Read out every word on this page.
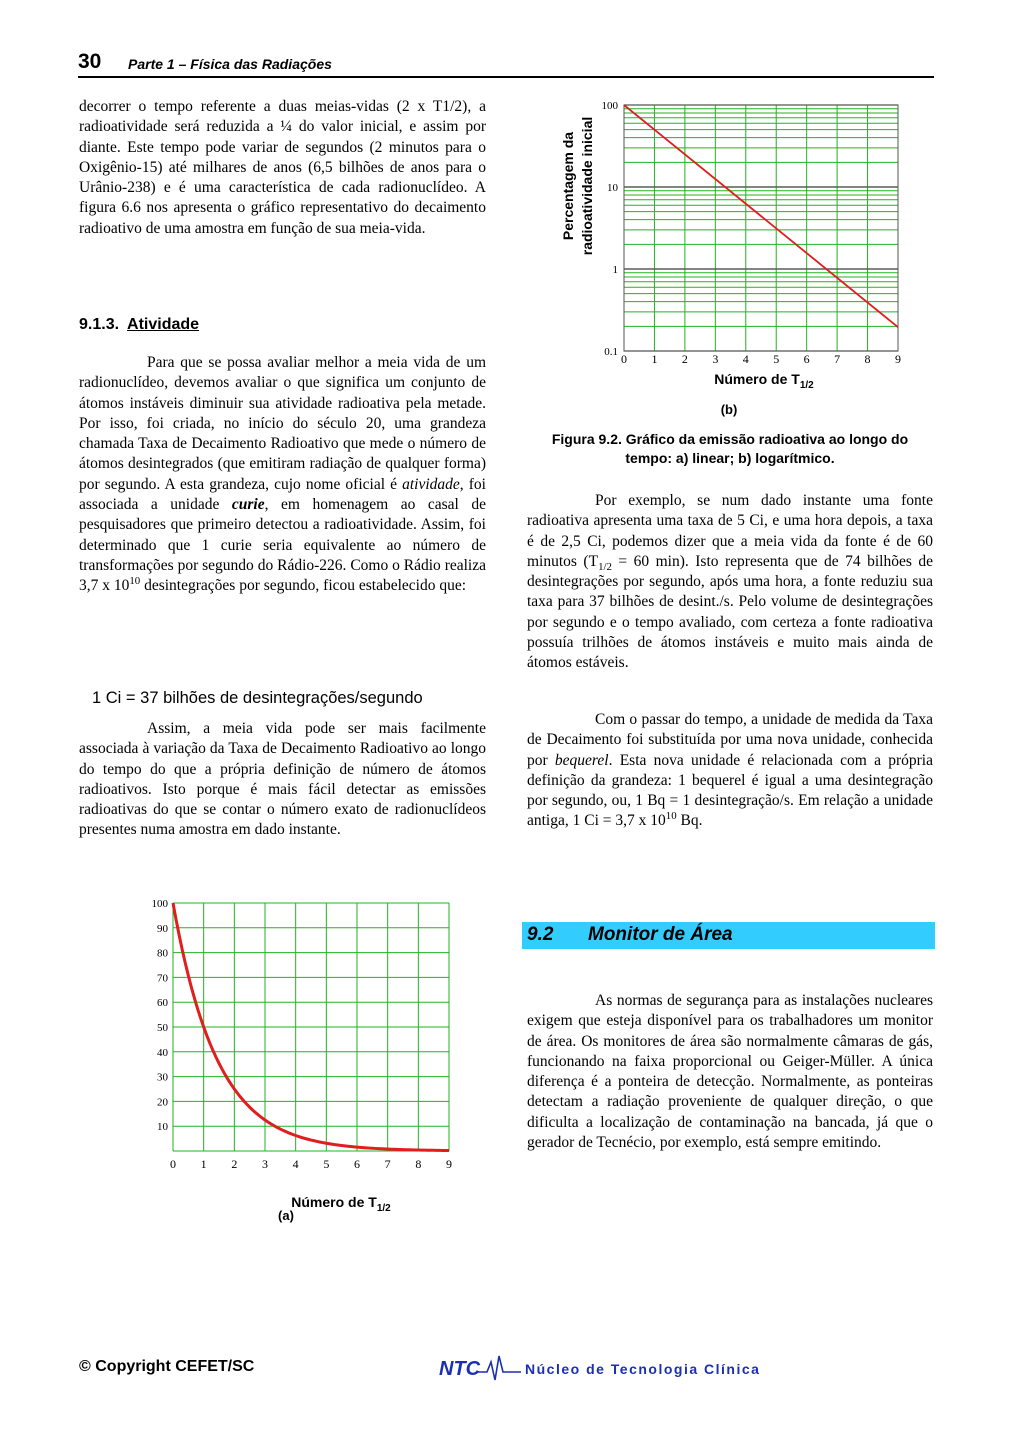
30 Parte 1 – Física das Radiações

decorrer o tempo referente a duas meias-vidas (2 x T1/2), a radioatividade será reduzida a ¼ do valor inicial, e assim por diante. Este tempo pode variar de segundos (2 minutos para o Oxigênio-15) até milhares de anos (6,5 bilhões de anos para o Urânio-238) e é uma característica de cada radionuclídeo. A figura 6.6 nos apresenta o gráfico representativo do decaimento radioativo de uma amostra em função de sua meia-vida.

9.1.3. Atividade

Para que se possa avaliar melhor a meia vida de um radionuclídeo, devemos avaliar o que significa um conjunto de átomos instáveis diminuir sua atividade radioativa pela metade. Por isso, foi criada, no início do século 20, uma grandeza chamada Taxa de Decaimento Radioativo que mede o número de átomos desintegrados (que emitiram radiação de qualquer forma) por segundo. A esta grandeza, cujo nome oficial é atividade, foi associada a unidade curie, em homenagem ao casal de pesquisadores que primeiro detectou a radioatividade. Assim, foi determinado que 1 curie seria equivalente ao número de transformações por segundo do Rádio-226. Como o Rádio realiza 3,7 x $10^{10}$ desintegrações por segundo, ficou estabelecido que:

1 Ci = 37 bilhões de desintegrações/segundo

Assim, a meia vida pode ser mais facilmente associada à variação da Taxa de Decaimento Radioativo ao longo do tempo do que a própria definição de número de átomos radioativos. Isto porque é mais fácil detectar as emissões radioativas do que se contar o número exato de radionuclídeos presentes numa amostra em dado instante.

10
20
30
40
50
60
70
80
90
100
0 1 2 3 4 5 6 7 8 9
Número de $T_{1/2}$
(a)
0.1
1
10
100
0 1 2 3 4 5 6 7 8 9
Número de $T_{1/2}$
(b)
Percentagem da radioatividade inicial
Figura 9.2. Gráfico da emissão radioativa ao longo do tempo: a) linear; b) logarítmico.

Por exemplo, se num dado instante uma fonte radioativa apresenta uma taxa de 5 Ci, e uma hora depois, a taxa é de 2,5 Ci, podemos dizer que a meia vida da fonte é de 60 minutos ($T_{1/2} = 60$ min). Isto representa que de 74 bilhões de desintegrações por segundo, após uma hora, a fonte reduziu sua taxa para 37 bilhões de desint./s. Pelo volume de desintegrações por segundo e o tempo avaliado, com certeza a fonte radioativa possuía trilhões de átomos instáveis e muito mais ainda de átomos estáveis.

Com o passar do tempo, a unidade de medida da Taxa de Decaimento foi substituída por uma nova unidade, conhecida por bequerel. Esta nova unidade é relacionada com a própria definição da grandeza: 1 bequerel é igual a uma desintegração por segundo, ou, 1 Bq = 1 desintegração/s. Em relação a unidade antiga, 1 Ci = 3,7 x $10^{10}$ Bq.

9.2 Monitor de Área

As normas de segurança para as instalações nucleares exigem que esteja disponível para os trabalhadores um monitor de área. Os monitores de área são normalmente câmaras de gás, funcionando na faixa proporcional ou Geiger-Müller. A única diferença é a ponteira de detecção. Normalmente, as ponteiras detectam a radiação proveniente de qualquer direção, o que dificulta a localização de contaminação na bancada, já que o gerador de Tecnécio, por exemplo, está sempre emitindo.

© Copyright CEFET/SC	NTC	Núcleo de Tecnologia Clínica
